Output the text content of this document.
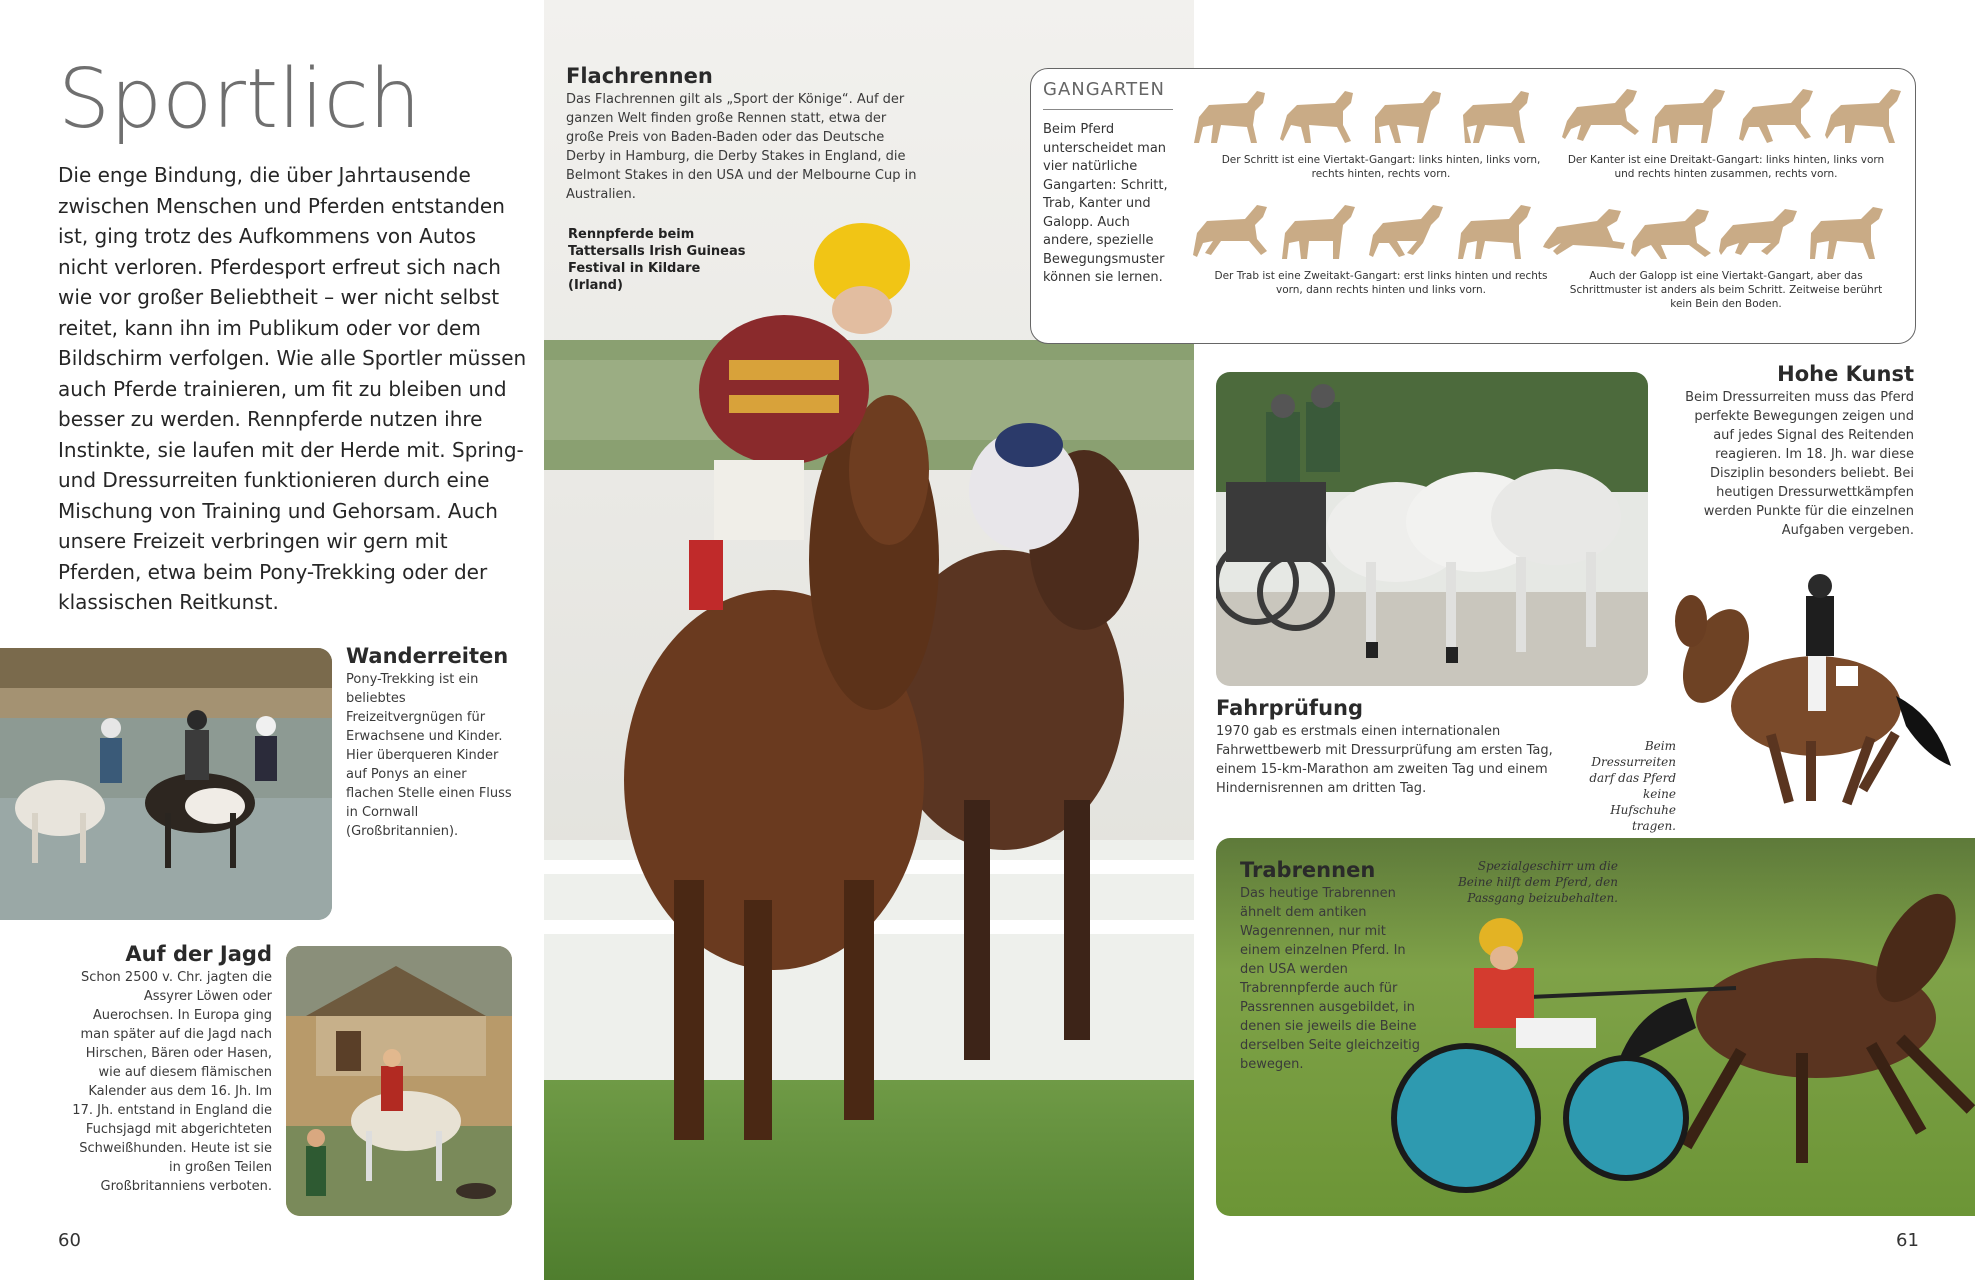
Sportlich

Die enge Bindung, die über Jahrtausende zwischen Menschen und Pferden entstanden ist, ging trotz des Aufkommens von Autos nicht verloren. Pferdesport erfreut sich nach wie vor großer Beliebtheit – wer nicht selbst reitet, kann ihn im Publikum oder vor dem Bildschirm verfolgen. Wie alle Sportler müssen auch Pferde trainieren, um fit zu bleiben und besser zu werden. Rennpferde nutzen ihre Instinkte, sie laufen mit der Herde mit. Spring- und Dressurreiten funktionieren durch eine Mischung von Training und Gehorsam. Auch unsere Freizeit verbringen wir gern mit Pferden, etwa beim Pony-Trekking oder der klassischen Reitkunst.

Wanderreiten

Pony-Trekking ist ein beliebtes Freizeitvergnügen für Erwachsene und Kinder. Hier überqueren Kinder auf Ponys an einer flachen Stelle einen Fluss in Cornwall (Großbritannien).

Auf der Jagd

Schon 2500 v. Chr. jagten die Assyrer Löwen oder Auerochsen. In Europa ging man später auf die Jagd nach Hirschen, Bären oder Hasen, wie auf diesem flämischen Kalender aus dem 16. Jh. Im 17. Jh. entstand in England die Fuchsjagd mit abgerichteten Schweißhunden. Heute ist sie in großen Teilen Großbritanniens verboten.

60
Flachrennen

Das Flachrennen gilt als „Sport der Könige“. Auf der ganzen Welt finden große Rennen statt, etwa der große Preis von Baden-Baden oder das Deutsche Derby in Hamburg, die Derby Stakes in England, die Belmont Stakes in den USA und der Melbourne Cup in Australien.

Rennpferde beim Tattersalls Irish Guineas Festival in Kildare (Irland)
GANGARTEN
Beim Pferd unterscheidet man vier natürliche Gangarten: Schritt, Trab, Kanter und Galopp. Auch andere, spezielle Bewegungsmuster können sie lernen.
Der Schritt ist eine Viertakt-Gangart: links hinten, links vorn, rechts hinten, rechts vorn.
Der Kanter ist eine Dreitakt-Gangart: links hinten, links vorn und rechts hinten zusammen, rechts vorn.
Der Trab ist eine Zweitakt-Gangart: erst links hinten und rechts vorn, dann rechts hinten und links vorn.
Auch der Galopp ist eine Viertakt-Gangart, aber das Schrittmuster ist anders als beim Schritt. Zeitweise berührt kein Bein den Boden.
Fahrprüfung

1970 gab es erstmals einen internationalen Fahrwettbewerb mit Dressurprüfung am ersten Tag, einem 15-km-Marathon am zweiten Tag und einem Hindernisrennen am dritten Tag.

Hohe Kunst

Beim Dressurreiten muss das Pferd perfekte Bewegungen zeigen und auf jedes Signal des Reitenden reagieren. Im 18. Jh. war diese Disziplin besonders beliebt. Bei heutigen Dressurwettkämpfen werden Punkte für die einzelnen Aufgaben vergeben.

Beim Dressurreiten darf das Pferd keine Hufschuhe tragen.
Trabrennen

Das heutige Trabrennen ähnelt dem antiken Wagenrennen, nur mit einem einzelnen Pferd. In den USA werden Trabrennpferde auch für Passrennen ausgebildet, in denen sie jeweils die Beine derselben Seite gleichzeitig bewegen.

Spezialgeschirr um die Beine hilft dem Pferd, den Passgang beizubehalten.
61
